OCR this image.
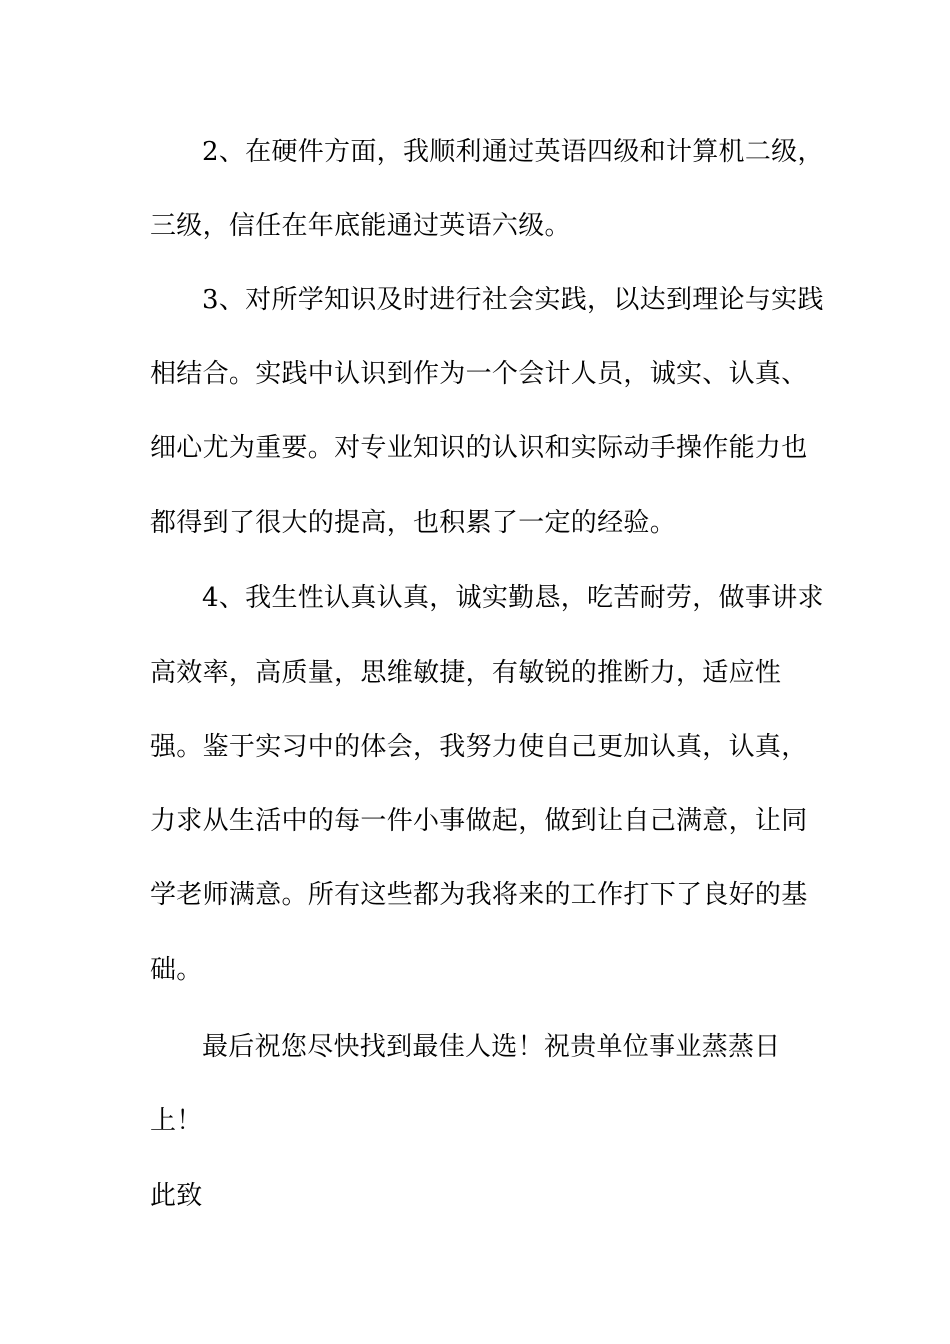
2、在硬件方面，我顺利通过英语四级和计算机二级，
三级，信任在年底能通过英语六级。
3、对所学知识及时进行社会实践，以达到理论与实践
相结合。实践中认识到作为一个会计人员，诚实、认真、
细心尤为重要。对专业知识的认识和实际动手操作能力也
都得到了很大的提高，也积累了一定的经验。
4、我生性认真认真，诚实勤恳，吃苦耐劳，做事讲求
高效率，高质量，思维敏捷，有敏锐的推断力，适应性
强。鉴于实习中的体会，我努力使自己更加认真，认真，
力求从生活中的每一件小事做起，做到让自己满意，让同
学老师满意。所有这些都为我将来的工作打下了良好的基
础。
最后祝您尽快找到最佳人选！祝贵单位事业蒸蒸日
上！
此致
